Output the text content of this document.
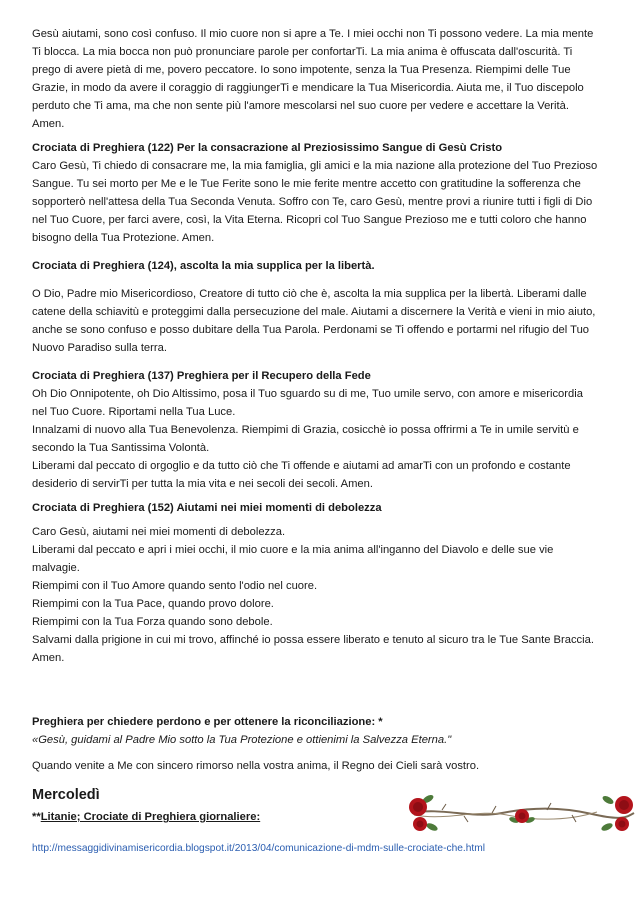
Gesù aiutami, sono così confuso. Il mio cuore non si apre a Te. I miei occhi non Ti possono vedere. La mia mente
Ti blocca. La mia bocca non può pronunciare parole per confortarTi. La mia anima è offuscata dall'oscurità. Ti
prego di avere pietà di me, povero peccatore. Io sono impotente, senza la Tua Presenza. Riempimi delle Tue
Grazie, in modo da avere il coraggio di raggiungerTi e mendicare la Tua Misericordia. Aiuta me, il Tuo discepolo
perduto che Ti ama, ma che non sente più l'amore mescolarsi nel suo cuore per vedere e accettare la Verità.
Amen.
Crociata di Preghiera (122) Per la consacrazione al Preziosissimo Sangue di Gesù Cristo
Caro Gesù, Ti chiedo di consacrare me, la mia famiglia, gli amici e la mia nazione alla protezione del Tuo Prezioso
Sangue. Tu sei morto per Me e le Tue Ferite sono le mie ferite mentre accetto con gratitudine la sofferenza che
sopporterò nell'attesa della Tua Seconda Venuta. Soffro con Te, caro Gesù, mentre provi a riunire tutti i figli di Dio
nel Tuo Cuore, per farci avere, così, la Vita Eterna. Ricopri col Tuo Sangue Prezioso me e tutti coloro che hanno
bisogno della Tua Protezione. Amen.
Crociata di Preghiera (124), ascolta la mia supplica per la libertà.
O Dio, Padre mio Misericordioso, Creatore di tutto ciò che è, ascolta la mia supplica per la libertà. Liberami dalle
catene della schiavitù e proteggimi dalla persecuzione del male. Aiutami a discernere la Verità e vieni in mio aiuto,
anche se sono confuso e posso dubitare della Tua Parola. Perdonami se Ti offendo e portarmi nel rifugio del Tuo
Nuovo Paradiso sulla terra.
Crociata di Preghiera (137) Preghiera per il Recupero della Fede
Oh Dio Onnipotente, oh Dio Altissimo, posa il Tuo sguardo su di me, Tuo umile servo, con amore e misericordia
nel Tuo Cuore. Riportami nella Tua Luce.
Innalzami di nuovo alla Tua Benevolenza. Riempimi di Grazia, cosicchè io possa offrirmi a Te in umile servitù e
secondo la Tua Santissima Volontà.
Liberami dal peccato di orgoglio e da tutto ciò che Ti offende e aiutami ad amarTi con un profondo e costante
desiderio di servirTi per tutta la mia vita e nei secoli dei secoli. Amen.
Crociata di Preghiera (152) Aiutami nei miei momenti di debolezza
Caro Gesù, aiutami nei miei momenti di debolezza.
Liberami dal peccato e apri i miei occhi, il mio cuore e la mia anima all'inganno del Diavolo e delle sue vie
malvagie.
Riempimi con il Tuo Amore quando sento l'odio nel cuore.
Riempimi con la Tua Pace, quando provo dolore.
Riempimi con la Tua Forza quando sono debole.
Salvami dalla prigione in cui mi trovo, affinché io possa essere liberato e tenuto al sicuro tra le Tue Sante Braccia.
Amen.
Preghiera per chiedere perdono e per ottenere la riconciliazione: *
«Gesù, guidami al Padre Mio sotto la Tua Protezione e ottienimi la Salvezza Eterna."
Quando venite a Me con sincero rimorso nella vostra anima, il Regno dei Cieli sarà vostro.
Mercoledì
**Litanie; Crociate di Preghiera giornaliere:
http://messaggidivinamisericordia.blogspot.it/2013/04/comunicazione-di-mdm-sulle-crociate-che.html
